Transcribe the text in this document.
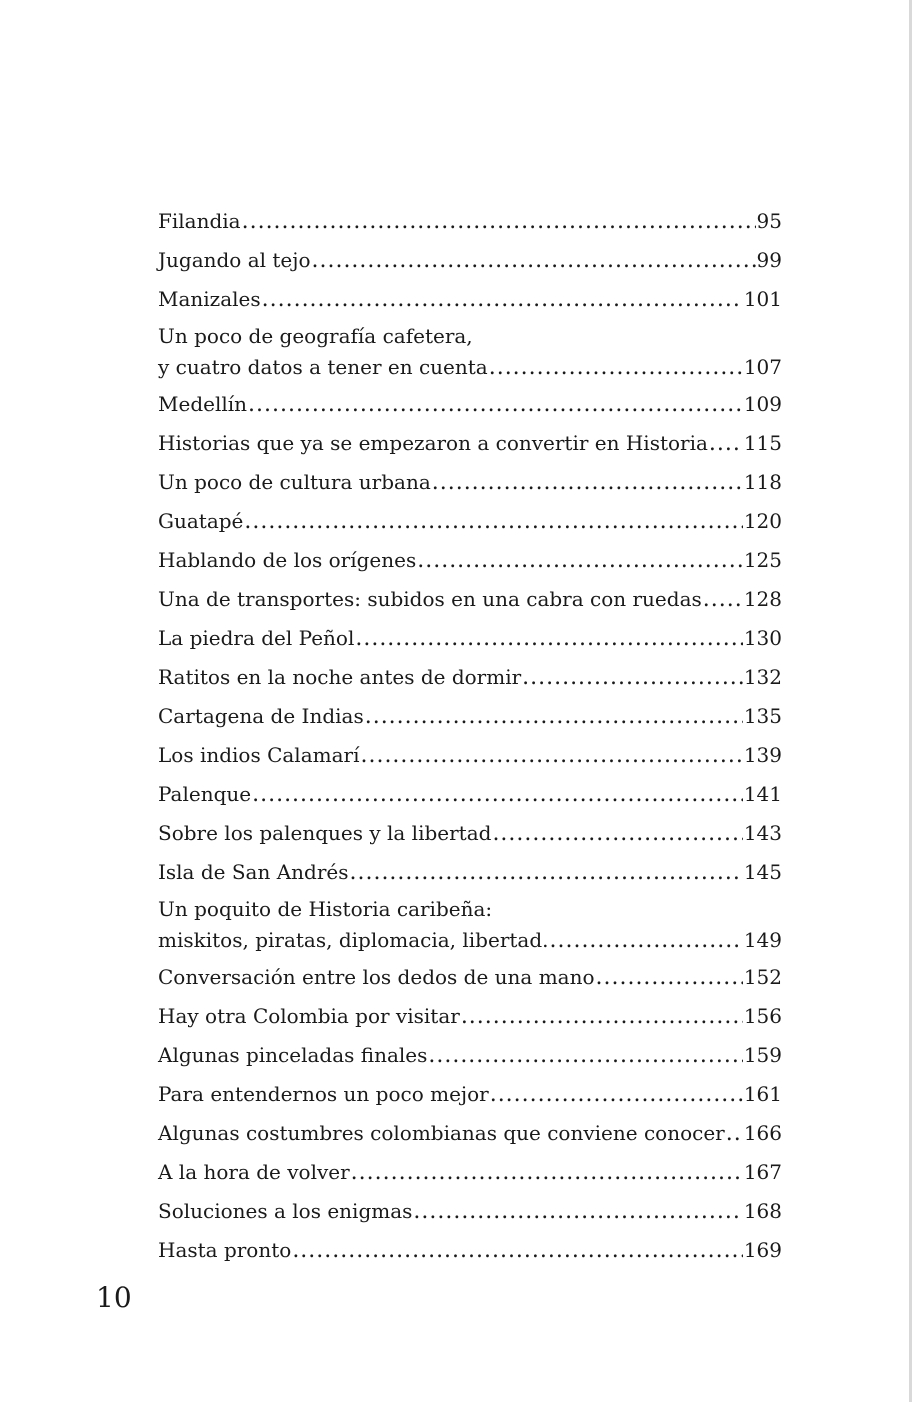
Filandia . . .	95
Jugando al tejo . . .	99
Manizales . . .	101
Un poco de geografía cafetera,
y cuatro datos a tener en cuenta . . .	107
Medellín . . .	109
Historias que ya se empezaron a convertir en Historia . . . 115
Un poco de cultura urbana . . .	118
Guatapé . . .	120
Hablando de los orígenes . . .	125
Una de transportes: subidos en una cabra con ruedas . . . 128
La piedra del Peñol . . .	130
Ratitos en la noche antes de dormir . . .	132
Cartagena de Indias . . .	135
Los indios Calamarí . . .	139
Palenque . . .	141
Sobre los palenques y la libertad . . .	143
Isla de San Andrés . . .	145
Un poquito de Historia caribeña:
miskitos, piratas, diplomacia, libertad. . . .	149
Conversación entre los dedos de una mano . . .	152
Hay otra Colombia por visitar . . .	156
Algunas pinceladas finales . . .	159
Para entendernos un poco mejor . . .	161
Algunas costumbres colombianas que conviene conocer . . . 166
A la hora de volver . . .	167
Soluciones a los enigmas . . .	168
Hasta pronto . . .	169
10
